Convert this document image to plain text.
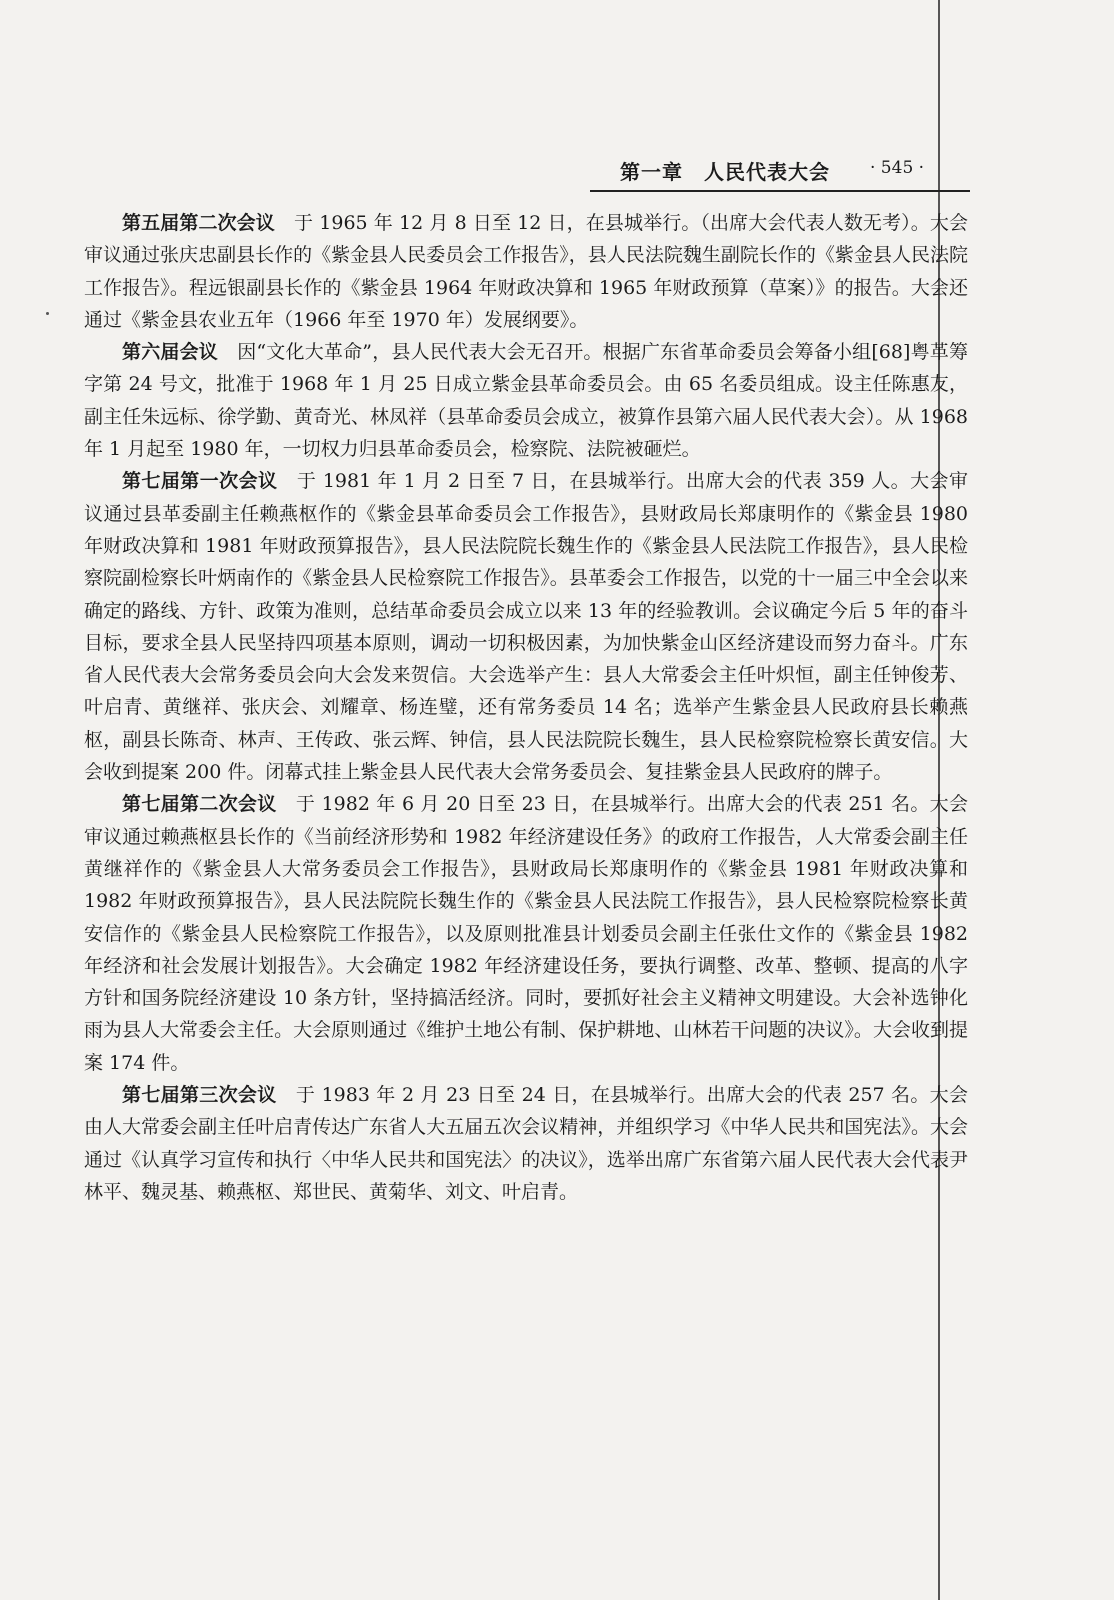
第一章　人民代表大会 · 545 ·

第五届第二次会议　于 1965 年 12 月 8 日至 12 日，在县城举行。（出席大会代表人数无考）。大会审议通过张庆忠副县长作的《紫金县人民委员会工作报告》，县人民法院魏生副院长作的《紫金县人民法院工作报告》。程远银副县长作的《紫金县 1964 年财政决算和 1965 年财政预算（草案）》的报告。大会还通过《紫金县农业五年（1966 年至 1970 年）发展纲要》。

第六届会议　因“文化大革命”，县人民代表大会无召开。根据广东省革命委员会筹备小组[68]粤革筹字第 24 号文，批准于 1968 年 1 月 25 日成立紫金县革命委员会。由 65 名委员组成。设主任陈惠友，副主任朱远标、徐学勤、黄奇光、林凤祥（县革命委员会成立，被算作县第六届人民代表大会）。从 1968 年 1 月起至 1980 年，一切权力归县革命委员会，检察院、法院被砸烂。

第七届第一次会议　于 1981 年 1 月 2 日至 7 日，在县城举行。出席大会的代表 359 人。大会审议通过县革委副主任赖燕枢作的《紫金县革命委员会工作报告》，县财政局长郑康明作的《紫金县 1980 年财政决算和 1981 年财政预算报告》，县人民法院院长魏生作的《紫金县人民法院工作报告》，县人民检察院副检察长叶炳南作的《紫金县人民检察院工作报告》。县革委会工作报告，以党的十一届三中全会以来确定的路线、方针、政策为准则，总结革命委员会成立以来 13 年的经验教训。会议确定今后 5 年的奋斗目标，要求全县人民坚持四项基本原则，调动一切积极因素，为加快紫金山区经济建设而努力奋斗。广东省人民代表大会常务委员会向大会发来贺信。大会选举产生：县人大常委会主任叶炽恒，副主任钟俊芳、叶启青、黄继祥、张庆会、刘耀章、杨连璧，还有常务委员 14 名；选举产生紫金县人民政府县长赖燕枢，副县长陈奇、林声、王传政、张云辉、钟信，县人民法院院长魏生，县人民检察院检察长黄安信。大会收到提案 200 件。闭幕式挂上紫金县人民代表大会常务委员会、复挂紫金县人民政府的牌子。

第七届第二次会议　于 1982 年 6 月 20 日至 23 日，在县城举行。出席大会的代表 251 名。大会审议通过赖燕枢县长作的《当前经济形势和 1982 年经济建设任务》的政府工作报告，人大常委会副主任黄继祥作的《紫金县人大常务委员会工作报告》，县财政局长郑康明作的《紫金县 1981 年财政决算和 1982 年财政预算报告》，县人民法院院长魏生作的《紫金县人民法院工作报告》，县人民检察院检察长黄安信作的《紫金县人民检察院工作报告》，以及原则批准县计划委员会副主任张仕文作的《紫金县 1982 年经济和社会发展计划报告》。大会确定 1982 年经济建设任务，要执行调整、改革、整顿、提高的八字方针和国务院经济建设 10 条方针，坚持搞活经济。同时，要抓好社会主义精神文明建设。大会补选钟化雨为县人大常委会主任。大会原则通过《维护土地公有制、保护耕地、山林若干问题的决议》。大会收到提案 174 件。

第七届第三次会议　于 1983 年 2 月 23 日至 24 日，在县城举行。出席大会的代表 257 名。大会由人大常委会副主任叶启青传达广东省人大五届五次会议精神，并组织学习《中华人民共和国宪法》。大会通过《认真学习宣传和执行〈中华人民共和国宪法〉的决议》，选举出席广东省第六届人民代表大会代表尹林平、魏灵基、赖燕枢、郑世民、黄菊华、刘文、叶启青。
